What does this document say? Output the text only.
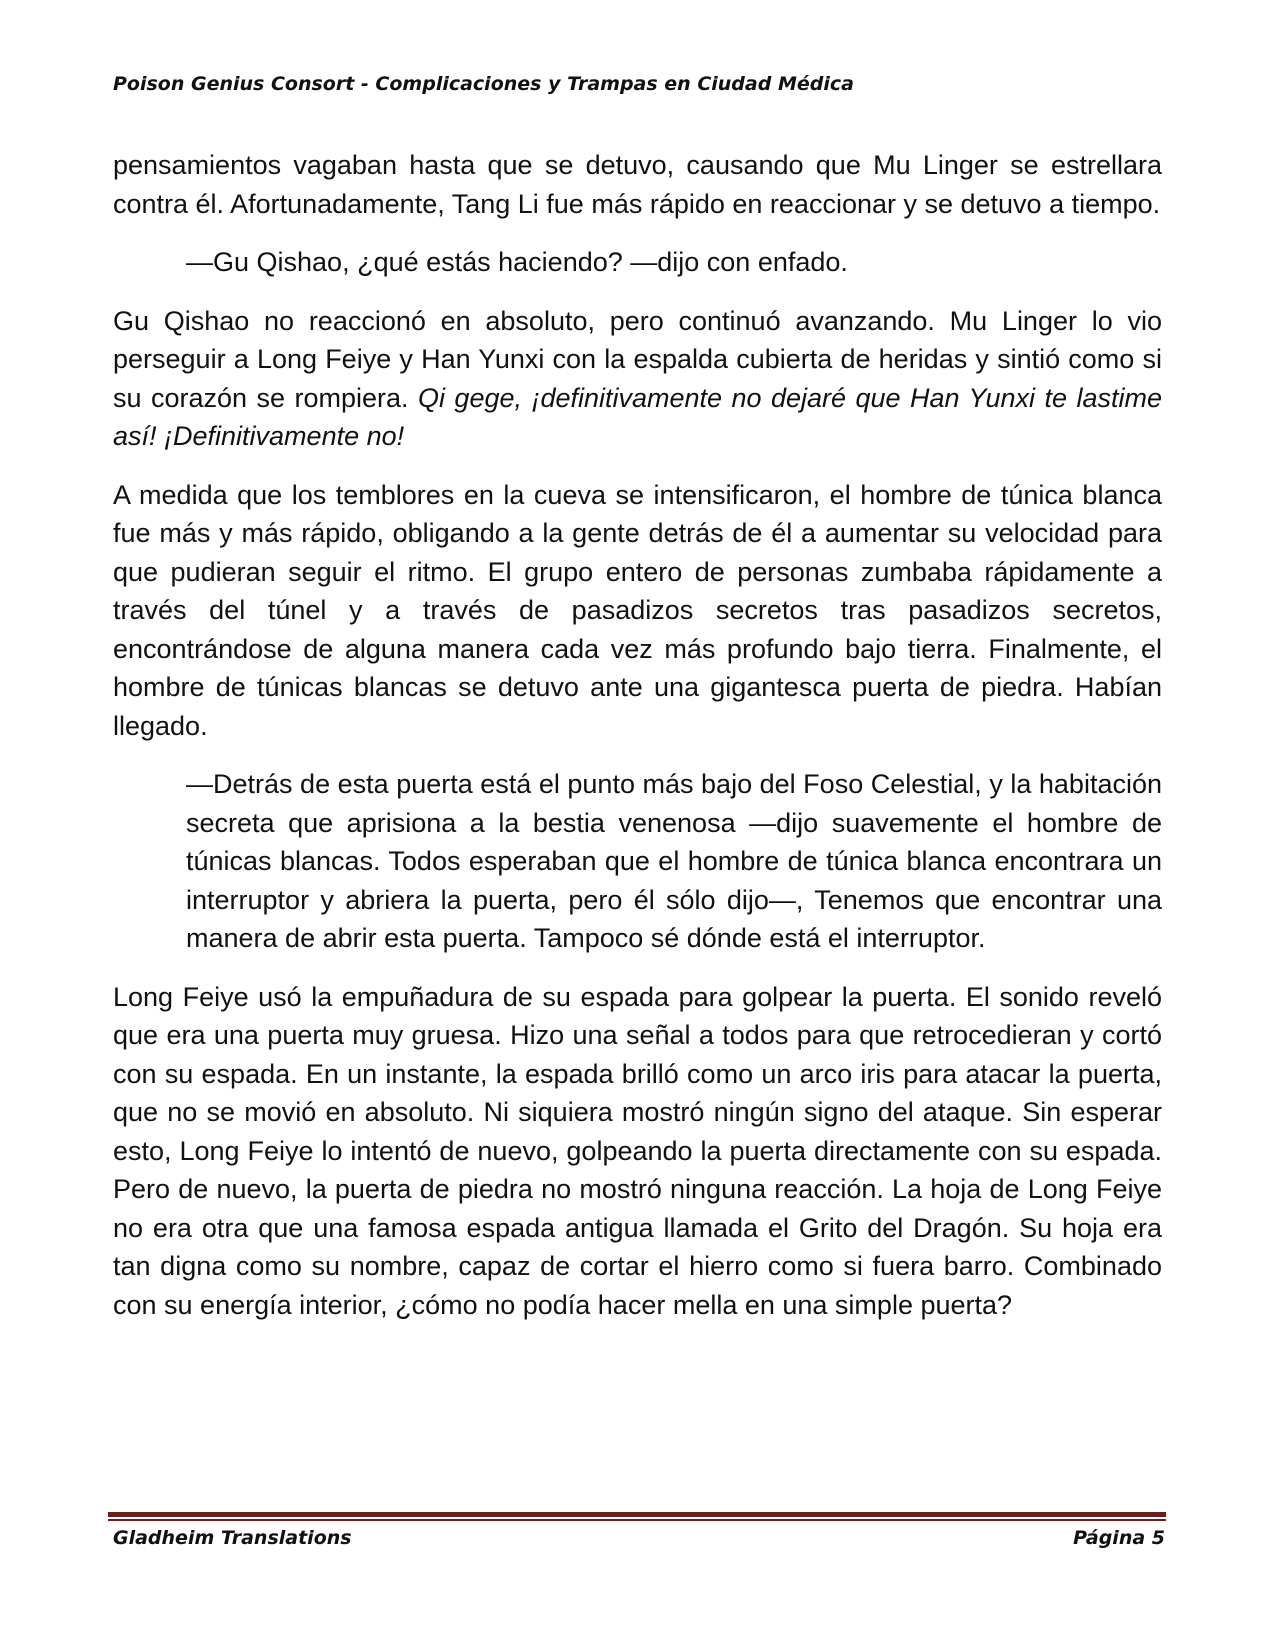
Poison Genius Consort - Complicaciones y Trampas en Ciudad Médica

pensamientos vagaban hasta que se detuvo, causando que Mu Linger se estrellara contra él. Afortunadamente, Tang Li fue más rápido en reaccionar y se detuvo a tiempo.

—Gu Qishao, ¿qué estás haciendo? —dijo con enfado.

Gu Qishao no reaccionó en absoluto, pero continuó avanzando. Mu Linger lo vio perseguir a Long Feiye y Han Yunxi con la espalda cubierta de heridas y sintió como si su corazón se rompiera. Qi gege, ¡definitivamente no dejaré que Han Yunxi te lastime así! ¡Definitivamente no!

A medida que los temblores en la cueva se intensificaron, el hombre de túnica blanca fue más y más rápido, obligando a la gente detrás de él a aumentar su velocidad para que pudieran seguir el ritmo. El grupo entero de personas zumbaba rápidamente a través del túnel y a través de pasadizos secretos tras pasadizos secretos, encontrándose de alguna manera cada vez más profundo bajo tierra. Finalmente, el hombre de túnicas blancas se detuvo ante una gigantesca puerta de piedra. Habían llegado.

—Detrás de esta puerta está el punto más bajo del Foso Celestial, y la habitación secreta que aprisiona a la bestia venenosa —dijo suavemente el hombre de túnicas blancas. Todos esperaban que el hombre de túnica blanca encontrara un interruptor y abriera la puerta, pero él sólo dijo—, Tenemos que encontrar una manera de abrir esta puerta. Tampoco sé dónde está el interruptor.

Long Feiye usó la empuñadura de su espada para golpear la puerta. El sonido reveló que era una puerta muy gruesa. Hizo una señal a todos para que retrocedieran y cortó con su espada. En un instante, la espada brilló como un arco iris para atacar la puerta, que no se movió en absoluto. Ni siquiera mostró ningún signo del ataque. Sin esperar esto, Long Feiye lo intentó de nuevo, golpeando la puerta directamente con su espada. Pero de nuevo, la puerta de piedra no mostró ninguna reacción. La hoja de Long Feiye no era otra que una famosa espada antigua llamada el Grito del Dragón. Su hoja era tan digna como su nombre, capaz de cortar el hierro como si fuera barro. Combinado con su energía interior, ¿cómo no podía hacer mella en una simple puerta?

Gladheim Translations	Página 5
